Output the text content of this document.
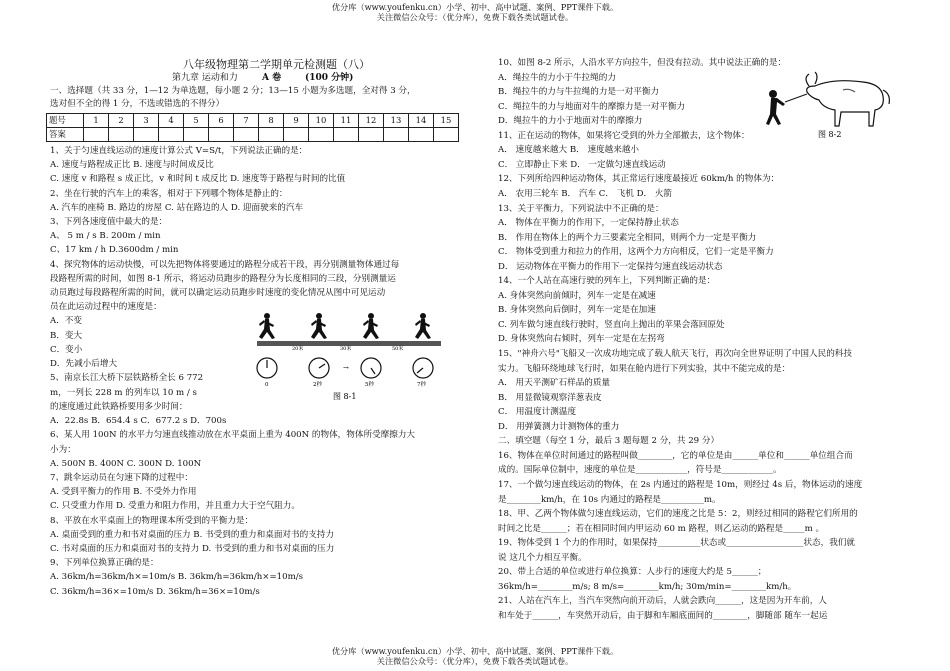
优分库（www.youfenku.cn）小学、初中、高中试题、案例、PPT课件下载。
关注微信公众号：（优分库），免费下载各类试题试卷。
八年级物理第二学期单元检测题（八）
第九章 运动和力	A 卷	(100 分钟)
一、选择题（共 33 分，1—12 为单选题，每小题 2 分；13—15 小题为多选题，全对得 3 分，
选对但不全的得 1 分，不选或错选的不得分）
题号	1	2	3	4	5	6	7	8	9	10	11	12	13	14	15
答案															
1、关于匀速直线运动的速度计算公式 V=S/t，下列说法正确的是：
A. 速度与路程成正比 B. 速度与时间成反比
C. 速度 v 和路程 s 成正比，v 和时间 t 成反比 D. 速度等于路程与时间的比值
2、坐在行驶的汽车上的乘客，相对于下列哪个物体是静止的：
A. 汽车的座椅 B. 路边的房屋 C. 站在路边的人 D. 迎面驶来的汽车
3、下列各速度值中最大的是：
A、 5 m / s B. 200m / min
C、17 km / h D.3600dm / min
4、探究物体的运动快慢，可以先把物体将要通过的路程分成若干段，再分别测量物体通过每
段路程所需的时间，如图 8-1 所示，将运动员跑步的路程分为长度相同的三段，分别测量运
动员跑过每段路程所需的时间，就可以确定运动员跑步时速度的变化情况从图中可见运动
员在此运动过程中的速度是：
A．不变
B．变大
C．变小
D．先减小后增大
5、南京长江大桥下层铁路桥全长 6 772
m，一列长 228 m 的列车以 10 m / s
的速度通过此铁路桥要用多少时间：
A．22.8s B．654.4 s C．677.2 s D．700s
6、某人用 100N 的水平力匀速直线推动放在水平桌面上重为 400N 的物体，物体所受摩擦力大
小为：
A. 500N B. 400N C. 300N D. 100N
7、跳伞运动员在匀速下降的过程中：
A. 受到平衡力的作用 B. 不受外力作用
C. 只受重力作用 D. 受重力和阻力作用，并且重力大于空气阻力。
8、平放在水平桌面上的物理课本所受到的平衡力是：
A. 桌面受到的重力和书对桌面的压力 B. 书受到的重力和桌面对书的支持力
C. 书对桌面的压力和桌面对书的支持力 D. 书受到的重力和书对桌面的压力
9、下列单位换算正确的是：
A. 36km/h=36km/h×=10m/s B. 36km/h=36km/h×=10m/s
C. 36km/h=36×=10m/s D. 36km/h=36×=10m/s
20米	30米	50米
→
0	2秒	5秒	7秒
图 8-1
10、如图 8-2 所示，人沿水平方向拉牛，但没有拉动。其中说法正确的是：
A．绳拉牛的力小于牛拉绳的力
B．绳拉牛的力与牛拉绳的力是一对平衡力
C．绳拉牛的力与地面对牛的摩擦力是一对平衡力
D．绳拉牛的力小于地面对牛的摩擦力
11、正在运动的物体，如果将它受到的外力全部撤去，这个物体：
A． 速度越来越大 B． 速度越来越小
C． 立即静止下来 D． 一定做匀速直线运动
12、下列所给四种运动物体，其正常运行速度最接近 60km/h 的物体为：
A． 农用三轮车 B． 汽车 C． 飞机 D． 火箭
13、关于平衡力，下列说法中不正确的是：
A． 物体在平衡力的作用下，一定保持静止状态
B． 作用在物体上的两个力三要素完全相同，则两个力一定是平衡力
C． 物体受到重力和拉力的作用，这两个力方向相反，它们一定是平衡力
D． 运动物体在平衡力的作用下一定保持匀速直线运动状态
14、一个人站在高速行驶的列车上，下列判断正确的是：
A. 身体突然向前倾时，列车一定是在减速
B. 身体突然向后倒时，列车一定是在加速
C. 列车做匀速直线行驶时，竖直向上抛出的苹果会落回原处
D. 身体突然向右倾时，列车一定是在左拐弯
15、"神舟六号"飞船又一次成功地完成了载人航天飞行，再次向全世界证明了中国人民的科技
实力。飞船环绕地球飞行时，如果在舱内进行下列实验，其中不能完成的是：
A． 用天平测矿石样品的质量
B． 用显微镜观察洋葱表皮
C． 用温度计测温度
D． 用弹簧测力计测物体的重力
二、填空题（每空 1 分，最后 3 题每题 2 分，共 29 分）
16、物体在单位时间通过的路程叫做________，它的单位是由______单位和______单位组合而
成的。国际单位制中，速度的单位是____________，符号是____________。
17、一个做匀速直线运动的物体，在 2s 内通过的路程是 10m，则经过 4s 后，物体运动的速度
是________km/h，在 10s 内通过的路程是__________m。
18、甲、乙两个物体做匀速直线运动，它们的速度之比是 5：2，则经过相同的路程它们所用的
时间之比是______；若在相同时间内甲运动 60 m 路程，则乙运动的路程是_____m 。
19、物体受到 1 个力的作用时，如果保持__________状态或__________________状态，我们就
说 这几个力相互平衡。
20、带上合适的单位或进行单位换算：人步行的速度大约是 5______；
36km/h=________m/s; 8 m/s=________km/h; 30m/min=________km/h。
21、人站在汽车上，当汽车突然向前开动后，人就会跌向______，这是因为开车前，人
和车处于______，车突然开动后，由于脚和车厢底面间的________，脚随部 随车一起运
图 8-2
优分库（www.youfenku.cn）小学、初中、高中试题、案例、PPT课件下载。
关注微信公众号：（优分库），免费下载各类试题试卷。
